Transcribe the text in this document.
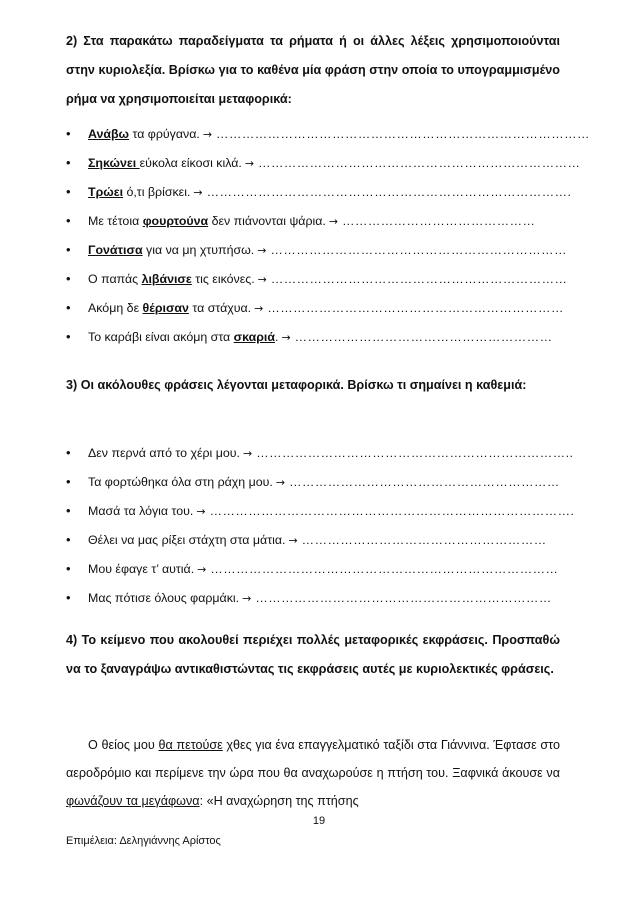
2) Στα παρακάτω παραδείγματα τα ρήματα ή οι άλλες λέξεις χρησιμοποιούνται στην κυριολεξία. Βρίσκω για το καθένα μία φράση στην οποία το υπογραμμισμένο ρήμα να χρησιμοποιείται μεταφορικά:
• Ανάβω τα φρύγανα. → ……………………………………………………………………………
• Σηκώνει εύκολα είκοσι κιλά. → …………………………………………………………………
• Τρώει ό,τι βρίσκει. → ………………………………………………………………………….
• Με τέτοια φουρτούνα δεν πιάνονται ψάρια. → ………………………………………
• Γονάτισα για να μη χτυπήσω. → ……………………………………………………………
• Ο παπάς λιβάνισε τις εικόνες. → ……………………………………………………………
• Ακόμη δε θέρισαν τα στάχυα. → ……………………………………………………………
• Το καράβι είναι ακόμη στα σκαριά. → ……………………………………………………
3) Οι ακόλουθες φράσεις λέγονται μεταφορικά. Βρίσκω τι σημαίνει η καθεμιά:
• Δεν περνά από το χέρι μου. → ………………………………………………………………..
• Τα φορτώθηκα όλα στη ράχη μου. → ………………………………………………………
• Μασά τα λόγια του. → ………………………………………………………………………….
• Θέλει να μας ρίξει στάχτη στα μάτια. → …………………………………………………
• Μου έφαγε τ’ αυτιά. → ………………………………………………………………………
• Μας πότισε όλους φαρμάκι. → ……………………………………………………………
4) Το κείμενο που ακολουθεί περιέχει πολλές μεταφορικές εκφράσεις. Προσπαθώ να το ξαναγράψω αντικαθιστώντας τις εκφράσεις αυτές με κυριολεκτικές φράσεις.
Ο θείος μου θα πετούσε χθες για ένα επαγγελματικό ταξίδι στα Γιάννινα. Έφτασε στο αεροδρόμιο και περίμενε την ώρα που θα αναχωρούσε η πτήση του. Ξαφνικά άκουσε να φωνάζουν τα μεγάφωνα: «Η αναχώρηση της πτήσης
19
Επιμέλεια: Δεληγιάννης Αρίστος
